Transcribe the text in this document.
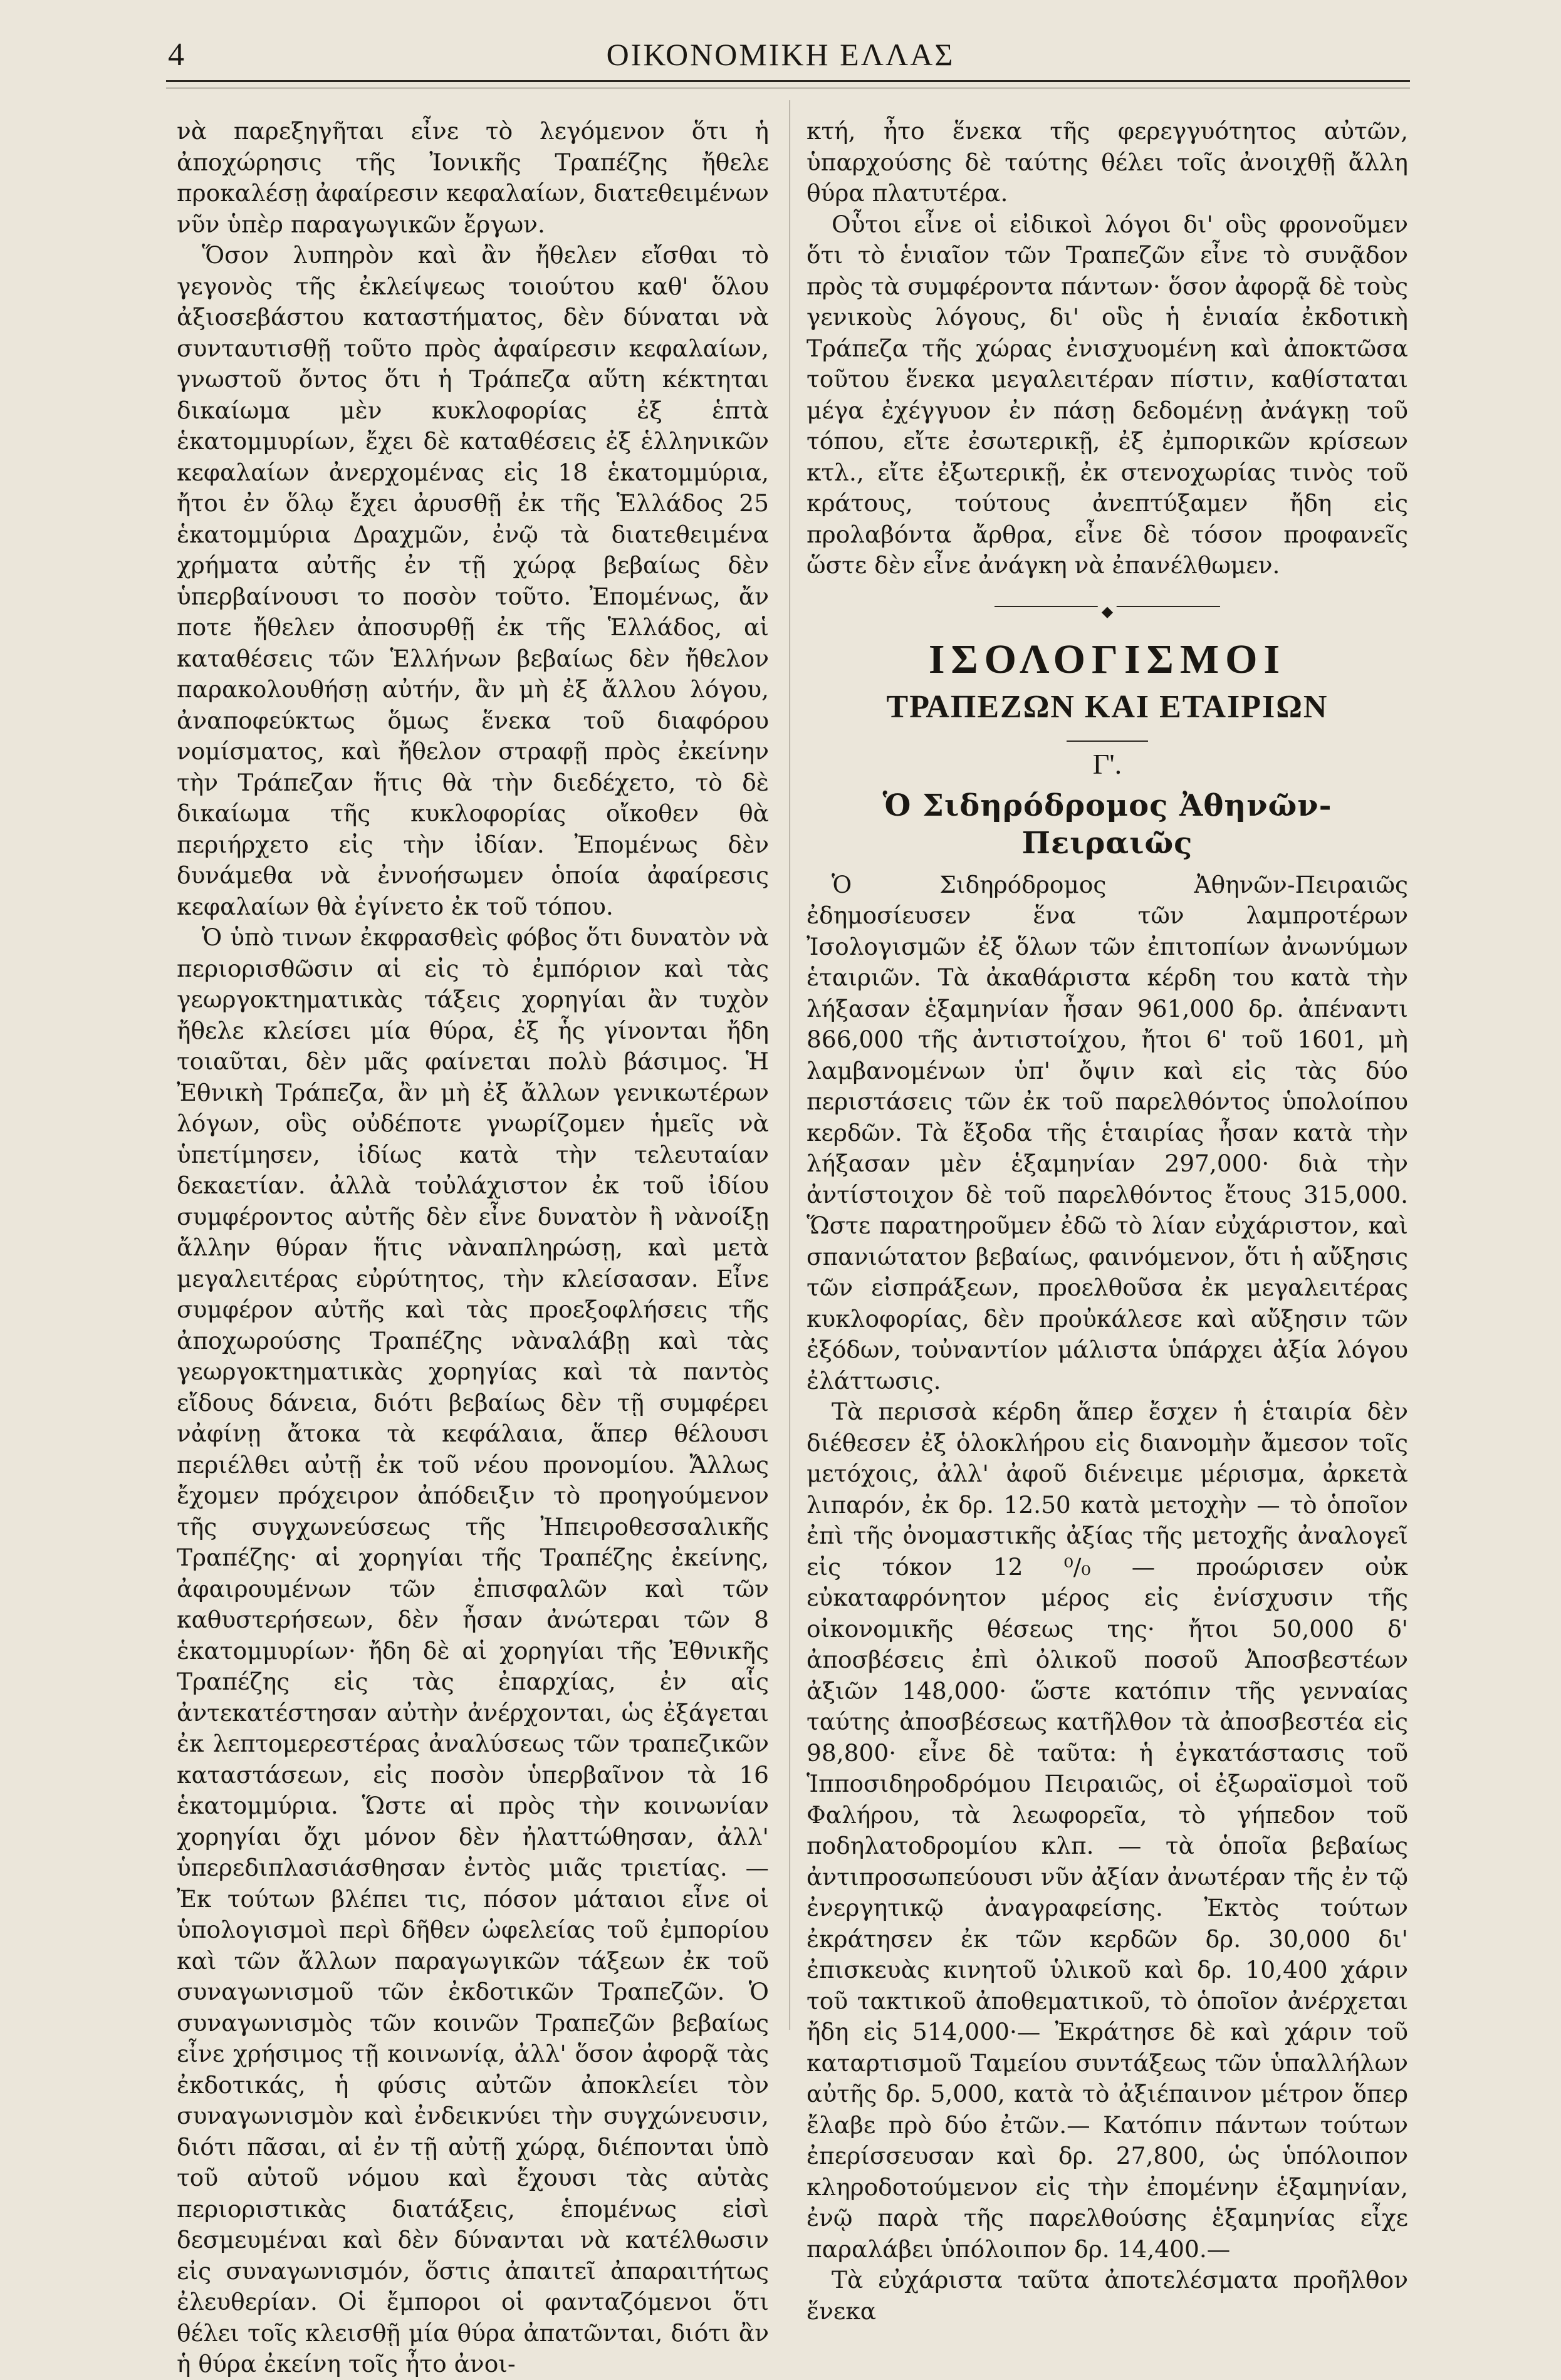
4	ΟΙΚΟΝΟΜΙΚΗ ΕΛΛΑΣ

νὰ παρεξηγῆται εἶνε τὸ λεγόμενον ὅτι ἡ ἀποχώρησις τῆς Ἰονικῆς Τραπέζης ἤθελε προκαλέσῃ ἀφαίρεσιν κεφαλαίων, διατεθειμένων νῦν ὑπὲρ παραγωγικῶν ἔργων.

Ὅσον λυπηρὸν καὶ ἂν ἤθελεν εἴσθαι τὸ γεγονὸς τῆς ἐκλείψεως τοιούτου καθ' ὅλου ἀξιοσεβάστου καταστήματος, δὲν δύναται νὰ συνταυτισθῇ τοῦτο πρὸς ἀφαίρεσιν κεφαλαίων, γνωστοῦ ὄντος ὅτι ἡ Τράπεζα αὕτη κέκτηται δικαίωμα μὲν κυκλοφορίας ἐξ ἑπτὰ ἑκατομμυρίων, ἔχει δὲ καταθέσεις ἐξ ἑλληνικῶν κεφαλαίων ἀνερχομένας εἰς 18 ἑκατομμύρια, ἤτοι ἐν ὅλῳ ἔχει ἀρυσθῇ ἐκ τῆς Ἑλλάδος 25 ἑκατομμύρια Δραχμῶν, ἐνῷ τὰ διατεθειμένα χρήματα αὐτῆς ἐν τῇ χώρᾳ βεβαίως δὲν ὑπερβαίνουσι το ποσὸν τοῦτο. Ἐπομένως, ἄν ποτε ἤθελεν ἀποσυρθῇ ἐκ τῆς Ἑλλάδος, αἱ καταθέσεις τῶν Ἑλλήνων βεβαίως δὲν ἤθελον παρακολουθήσῃ αὐτήν, ἂν μὴ ἐξ ἄλλου λόγου, ἀναποφεύκτως ὅμως ἕνεκα τοῦ διαφόρου νομίσματος, καὶ ἤθελον στραφῇ πρὸς ἐκείνην τὴν Τράπεζαν ἥτις θὰ τὴν διεδέχετο, τὸ δὲ δικαίωμα τῆς κυκλοφορίας οἴκοθεν θὰ περιήρχετο εἰς τὴν ἰδίαν. Ἐπομένως δὲν δυνάμεθα νὰ ἐννοήσωμεν ὁποία ἀφαίρεσις κεφαλαίων θὰ ἐγίνετο ἐκ τοῦ τόπου.

Ὁ ὑπὸ τινων ἐκφρασθεὶς φόβος ὅτι δυνατὸν νὰ περιορισθῶσιν αἱ εἰς τὸ ἐμπόριον καὶ τὰς γεωργοκτηματικὰς τάξεις χορηγίαι ἂν τυχὸν ἤθελε κλείσει μία θύρα, ἐξ ἧς γίνονται ἤδη τοιαῦται, δὲν μᾶς φαίνεται πολὺ βάσιμος. Ἡ Ἐθνικὴ Τράπεζα, ἂν μὴ ἐξ ἄλλων γενικωτέρων λόγων, οὓς οὐδέποτε γνωρίζομεν ἡμεῖς νὰ ὑπετίμησεν, ἰδίως κατὰ τὴν τελευταίαν δεκαετίαν. ἀλλὰ τοὐλάχιστον ἐκ τοῦ ἰδίου συμφέροντος αὐτῆς δὲν εἶνε δυνατὸν ἢ νὰνοίξῃ ἄλλην θύραν ἥτις νὰναπληρώσῃ, καὶ μετὰ μεγαλειτέρας εὐρύτητος, τὴν κλείσασαν. Εἶνε συμφέρον αὐτῆς καὶ τὰς προεξοφλήσεις τῆς ἀποχωρούσης Τραπέζης νὰναλάβῃ καὶ τὰς γεωργοκτηματικὰς χορηγίας καὶ τὰ παντὸς εἴδους δάνεια, διότι βεβαίως δὲν τῇ συμφέρει νἀφίνῃ ἄτοκα τὰ κεφάλαια, ἅπερ θέλουσι περιέλθει αὐτῇ ἐκ τοῦ νέου προνομίου. Ἄλλως ἔχομεν πρόχειρον ἀπόδειξιν τὸ προηγούμενον τῆς συγχωνεύσεως τῆς Ἠπειροθεσσαλικῆς Τραπέζης· αἱ χορηγίαι τῆς Τραπέζης ἐκείνης, ἀφαιρουμένων τῶν ἐπισφαλῶν καὶ τῶν καθυστερήσεων, δὲν ἦσαν ἀνώτεραι τῶν 8 ἑκατομμυρίων· ἤδη δὲ αἱ χορηγίαι τῆς Ἐθνικῆς Τραπέζης εἰς τὰς ἐπαρχίας, ἐν αἷς ἀντεκατέστησαν αὐτὴν ἀνέρχονται, ὡς ἐξάγεται ἐκ λεπτομερεστέρας ἀναλύσεως τῶν τραπεζικῶν καταστάσεων, εἰς ποσὸν ὑπερβαῖνον τὰ 16 ἑκατομμύρια. Ὥστε αἱ πρὸς τὴν κοινωνίαν χορηγίαι ὄχι μόνον δὲν ἠλαττώθησαν, ἀλλ' ὑπερεδιπλασιάσθησαν ἐντὸς μιᾶς τριετίας. — Ἐκ τούτων βλέπει τις, πόσον μάταιοι εἶνε οἱ ὑπολογισμοὶ περὶ δῆθεν ὠφελείας τοῦ ἐμπορίου καὶ τῶν ἄλλων παραγωγικῶν τάξεων ἐκ τοῦ συναγωνισμοῦ τῶν ἐκδοτικῶν Τραπεζῶν. Ὁ συναγωνισμὸς τῶν κοινῶν Τραπεζῶν βεβαίως εἶνε χρήσιμος τῇ κοινωνίᾳ, ἀλλ' ὅσον ἀφορᾷ τὰς ἐκδοτικάς, ἡ φύσις αὐτῶν ἀποκλείει τὸν συναγωνισμὸν καὶ ἐνδεικνύει τὴν συγχώνευσιν, διότι πᾶσαι, αἱ ἐν τῇ αὐτῇ χώρᾳ, διέπονται ὑπὸ τοῦ αὐτοῦ νόμου καὶ ἔχουσι τὰς αὐτὰς περιοριστικὰς διατάξεις, ἑπομένως εἰσὶ δεσμευμέναι καὶ δὲν δύνανται νὰ κατέλθωσιν εἰς συναγωνισμόν, ὅστις ἀπαιτεῖ ἀπαραιτήτως ἐλευθερίαν. Οἱ ἔμποροι οἱ φανταζόμενοι ὅτι θέλει τοῖς κλεισθῇ μία θύρα ἀπατῶνται, διότι ἂν ἡ θύρα ἐκείνη τοῖς ἦτο ἀνοι-

κτή, ἦτο ἕνεκα τῆς φερεγγυότητος αὐτῶν, ὑπαρχούσης δὲ ταύτης θέλει τοῖς ἀνοιχθῇ ἄλλη θύρα πλατυτέρα.

Οὗτοι εἶνε οἱ εἰδικοὶ λόγοι δι' οὓς φρονοῦμεν ὅτι τὸ ἑνιαῖον τῶν Τραπεζῶν εἶνε τὸ συνᾷδον πρὸς τὰ συμφέροντα πάντων· ὅσον ἀφορᾷ δὲ τοὺς γενικοὺς λόγους, δι' οὓς ἡ ἑνιαία ἐκδοτικὴ Τράπεζα τῆς χώρας ἐνισχυομένη καὶ ἀποκτῶσα τοῦτου ἕνεκα μεγαλειτέραν πίστιν, καθίσταται μέγα ἐχέγγυον ἐν πάσῃ δεδομένῃ ἀνάγκῃ τοῦ τόπου, εἴτε ἐσωτερικῇ, ἐξ ἐμπορικῶν κρίσεων κτλ., εἴτε ἐξωτερικῇ, ἐκ στενοχωρίας τινὸς τοῦ κράτους, τούτους ἀνεπτύξαμεν ἤδη εἰς προλαβόντα ἄρθρα, εἶνε δὲ τόσον προφανεῖς ὥστε δὲν εἶνε ἀνάγκη νὰ ἐπανέλθωμεν.

◆
ΙΣΟΛΟΓΙΣΜΟΙ
ΤΡΑΠΕΖΩΝ ΚΑΙ ΕΤΑΙΡΙΩΝ
Γ'.
Ὁ Σιδηρόδρομος Ἀθηνῶν-Πειραιῶς

Ὁ Σιδηρόδρομος Ἀθηνῶν-Πειραιῶς ἐδημοσίευσεν ἕνα τῶν λαμπροτέρων Ἰσολογισμῶν ἐξ ὅλων τῶν ἐπιτοπίων ἀνωνύμων ἑταιριῶν. Τὰ ἀκαθάριστα κέρδη του κατὰ τὴν λήξασαν ἑξαμηνίαν ἦσαν 961,000 δρ. ἀπέναντι 866,000 τῆς ἀντιστοίχου, ἤτοι 6' τοῦ 1601, μὴ λαμβανομένων ὑπ' ὄψιν καὶ εἰς τὰς δύο περιστάσεις τῶν ἐκ τοῦ παρελθόντος ὑπολοίπου κερδῶν. Τὰ ἔξοδα τῆς ἑταιρίας ἦσαν κατὰ τὴν λήξασαν μὲν ἑξαμηνίαν 297,000· διὰ τὴν ἀντίστοιχον δὲ τοῦ παρελθόντος ἔτους 315,000. Ὥστε παρατηροῦμεν ἐδῶ τὸ λίαν εὐχάριστον, καὶ σπανιώτατον βεβαίως, φαινόμενον, ὅτι ἡ αὔξησις τῶν εἰσπράξεων, προελθοῦσα ἐκ μεγαλειτέρας κυκλοφορίας, δὲν προὐκάλεσε καὶ αὔξησιν τῶν ἐξόδων, τοὐναντίον μάλιστα ὑπάρχει ἀξία λόγου ἐλάττωσις.

Τὰ περισσὰ κέρδη ἅπερ ἔσχεν ἡ ἑταιρία δὲν διέθεσεν ἐξ ὁλοκλήρου εἰς διανομὴν ἄμεσον τοῖς μετόχοις, ἀλλ' ἀφοῦ διένειμε μέρισμα, ἀρκετὰ λιπαρόν, ἐκ δρ. 12.50 κατὰ μετοχὴν — τὸ ὁποῖον ἐπὶ τῆς ὀνομαστικῆς ἀξίας τῆς μετοχῆς ἀναλογεῖ εἰς τόκον 12 ⁰/₀ — προώρισεν οὐκ εὐκαταφρόνητον μέρος εἰς ἐνίσχυσιν τῆς οἰκονομικῆς θέσεως της· ἤτοι 50,000 δ' ἀποσβέσεις ἐπὶ ὀλικοῦ ποσοῦ Ἀποσβεστέων ἀξιῶν 148,000· ὥστε κατόπιν τῆς γενναίας ταύτης ἀποσβέσεως κατῆλθον τὰ ἀποσβεστέα εἰς 98,800· εἶνε δὲ ταῦτα: ἡ ἐγκατάστασις τοῦ Ἱπποσιδηροδρόμου Πειραιῶς, οἱ ἐξωραϊσμοὶ τοῦ Φαλήρου, τὰ λεωφορεῖα, τὸ γήπεδον τοῦ ποδηλατοδρομίου κλπ. — τὰ ὁποῖα βεβαίως ἀντιπροσωπεύουσι νῦν ἀξίαν ἀνωτέραν τῆς ἐν τῷ ἐνεργητικῷ ἀναγραφείσης. Ἐκτὸς τούτων ἐκράτησεν ἐκ τῶν κερδῶν δρ. 30,000 δι' ἐπισκευὰς κινητοῦ ὑλικοῦ καὶ δρ. 10,400 χάριν τοῦ τακτικοῦ ἀποθεματικοῦ, τὸ ὁποῖον ἀνέρχεται ἤδη εἰς 514,000·— Ἐκράτησε δὲ καὶ χάριν τοῦ καταρτισμοῦ Ταμείου συντάξεως τῶν ὑπαλλήλων αὐτῆς δρ. 5,000, κατὰ τὸ ἀξιέπαινον μέτρον ὅπερ ἔλαβε πρὸ δύο ἐτῶν.— Κατόπιν πάντων τούτων ἐπερίσσευσαν καὶ δρ. 27,800, ὡς ὑπόλοιπον κληροδοτούμενον εἰς τὴν ἐπομένην ἑξαμηνίαν, ἐνῷ παρὰ τῆς παρελθούσης ἑξαμηνίας εἶχε παραλάβει ὑπόλοιπον δρ. 14,400.—

Τὰ εὐχάριστα ταῦτα ἀποτελέσματα προῆλθον ἕνεκα
